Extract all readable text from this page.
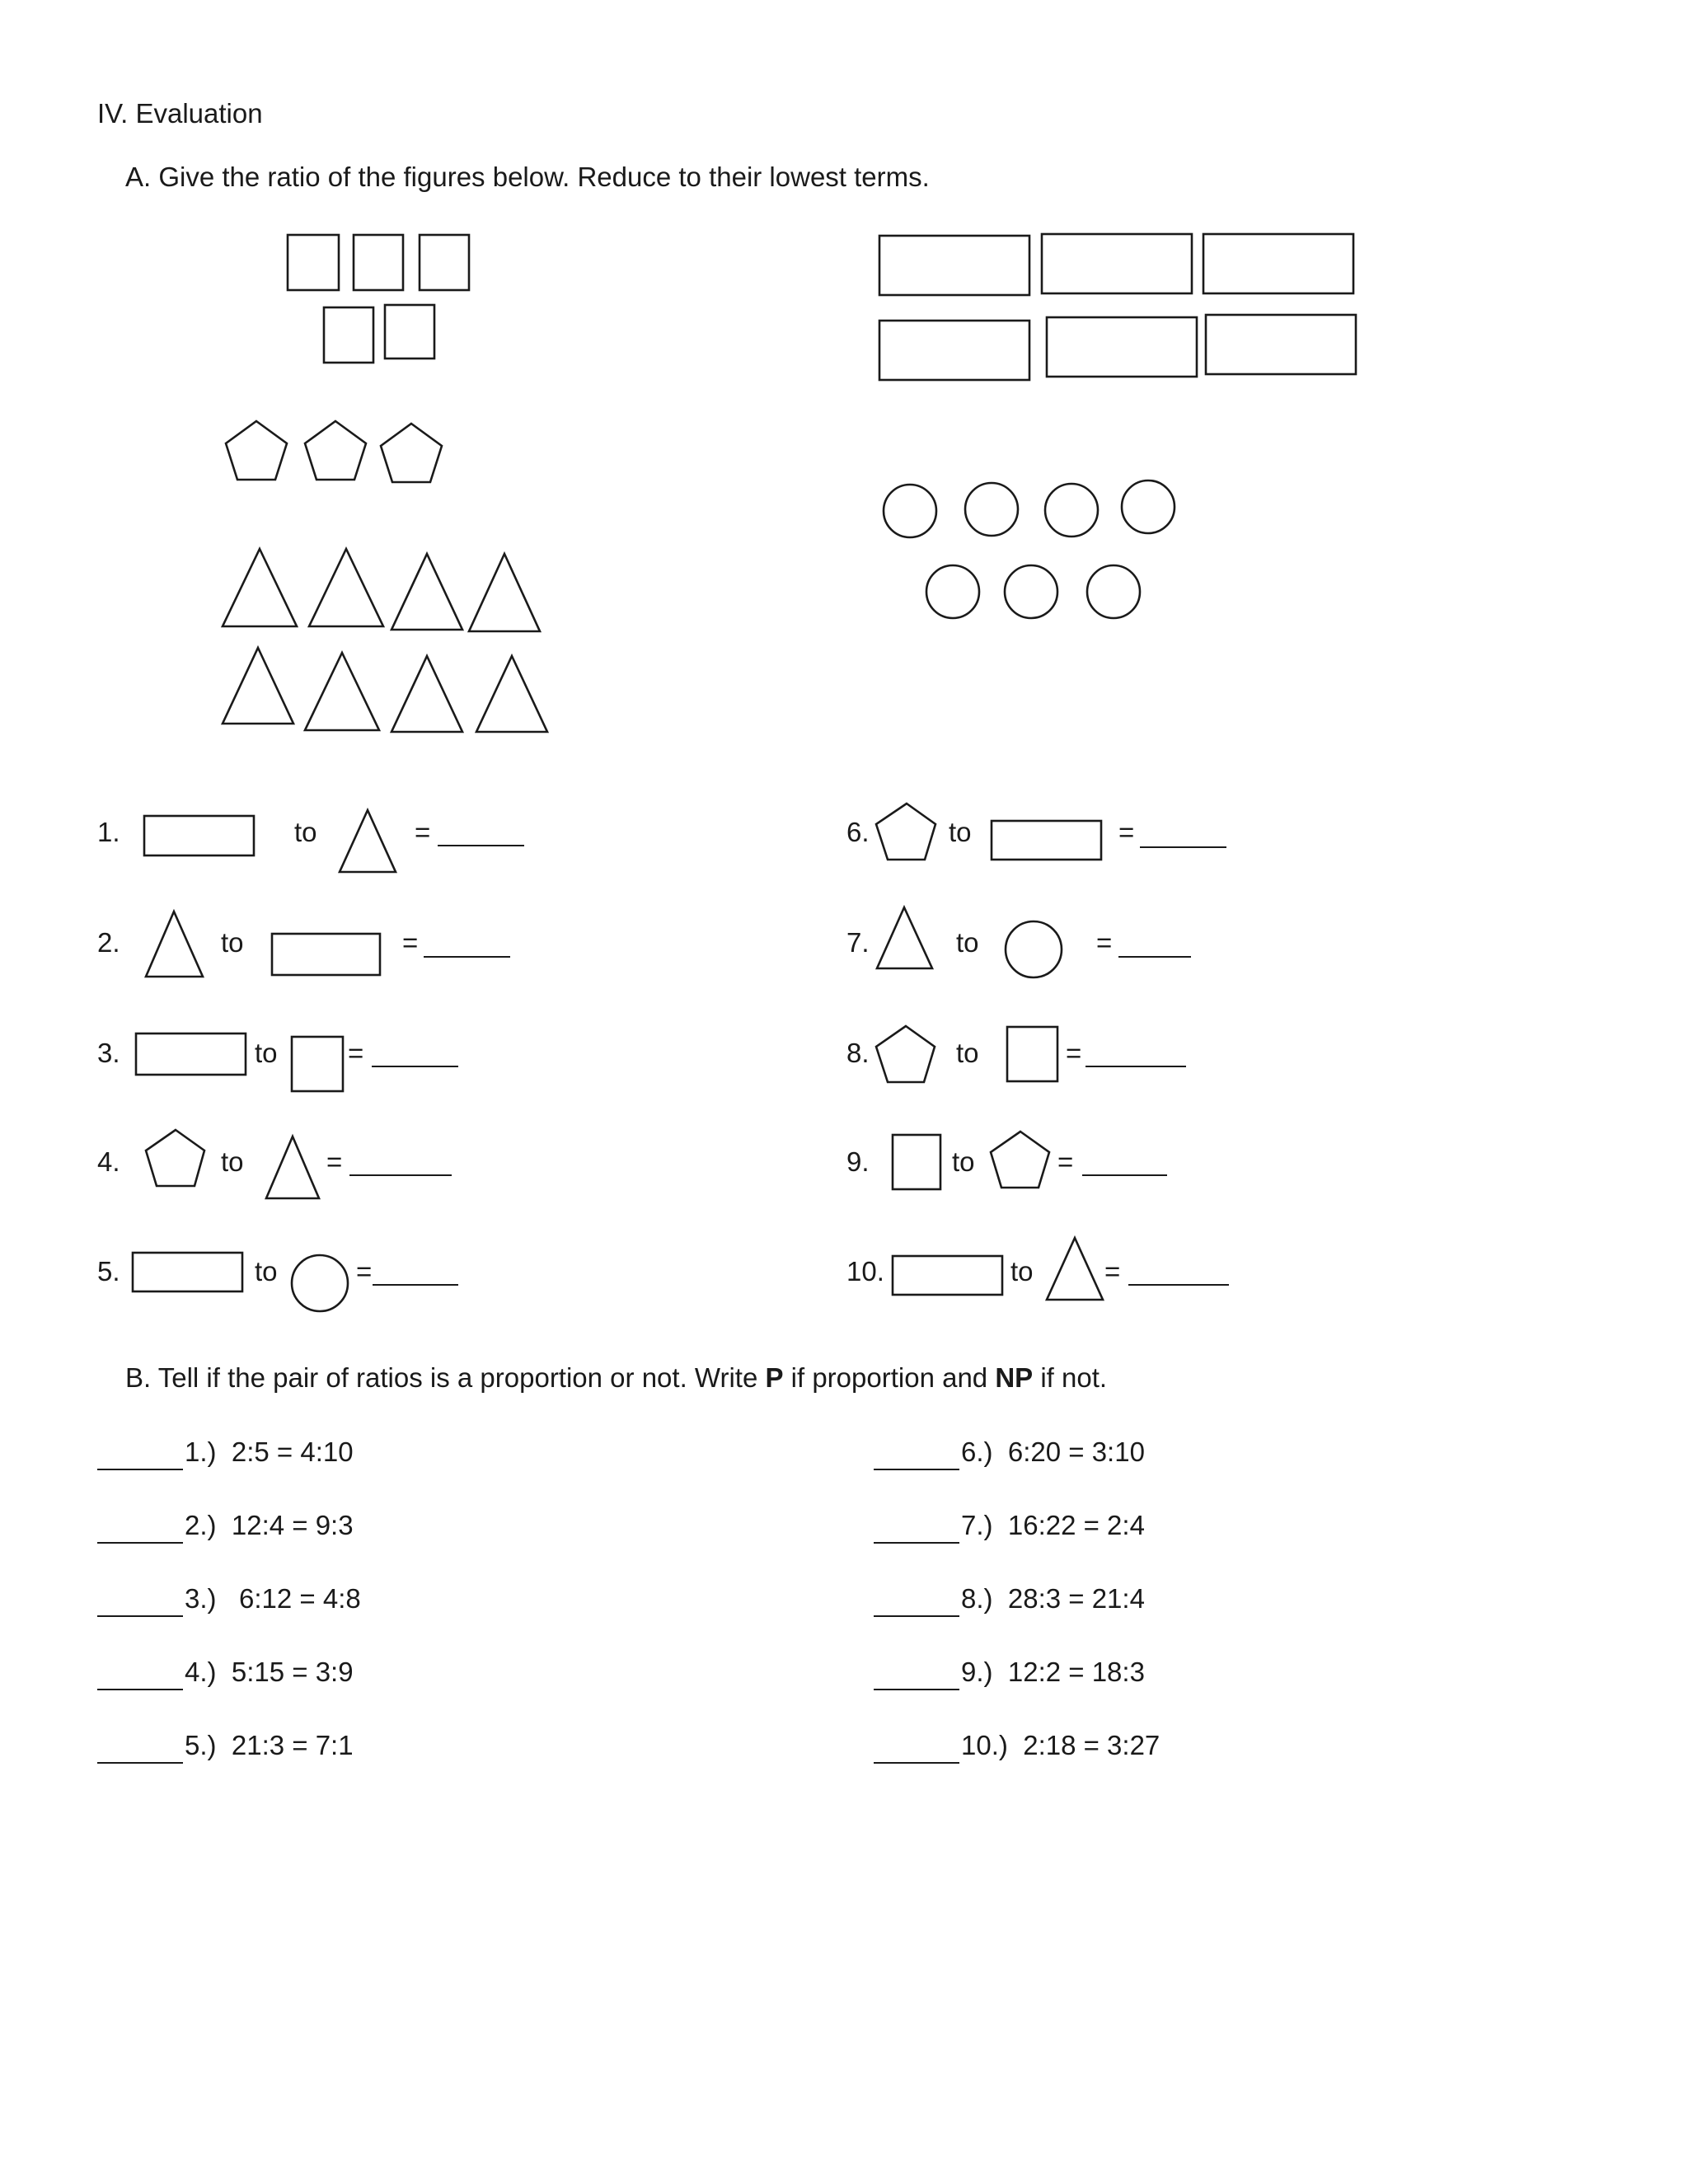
IV. Evaluation
A. Give the ratio of the figures below. Reduce to their lowest terms.
1.	to	=
2.	to	=
3.	to	=
4.	to	=
5.	to	=
6.	to	=
7.	to	=
8.	to	=
9.	to	=
10.	to	=
B. Tell if the pair of ratios is a proportion or not. Write P if proportion and NP if not.
1.) 2:5 = 4:10
2.) 12:4 = 9:3
3.) 6:12 = 4:8
4.) 5:15 = 3:9
5.) 21:3 = 7:1
6.) 6:20 = 3:10
7.) 16:22 = 2:4
8.) 28:3 = 21:4
9.) 12:2 = 18:3
10.) 2:18 = 3:27
